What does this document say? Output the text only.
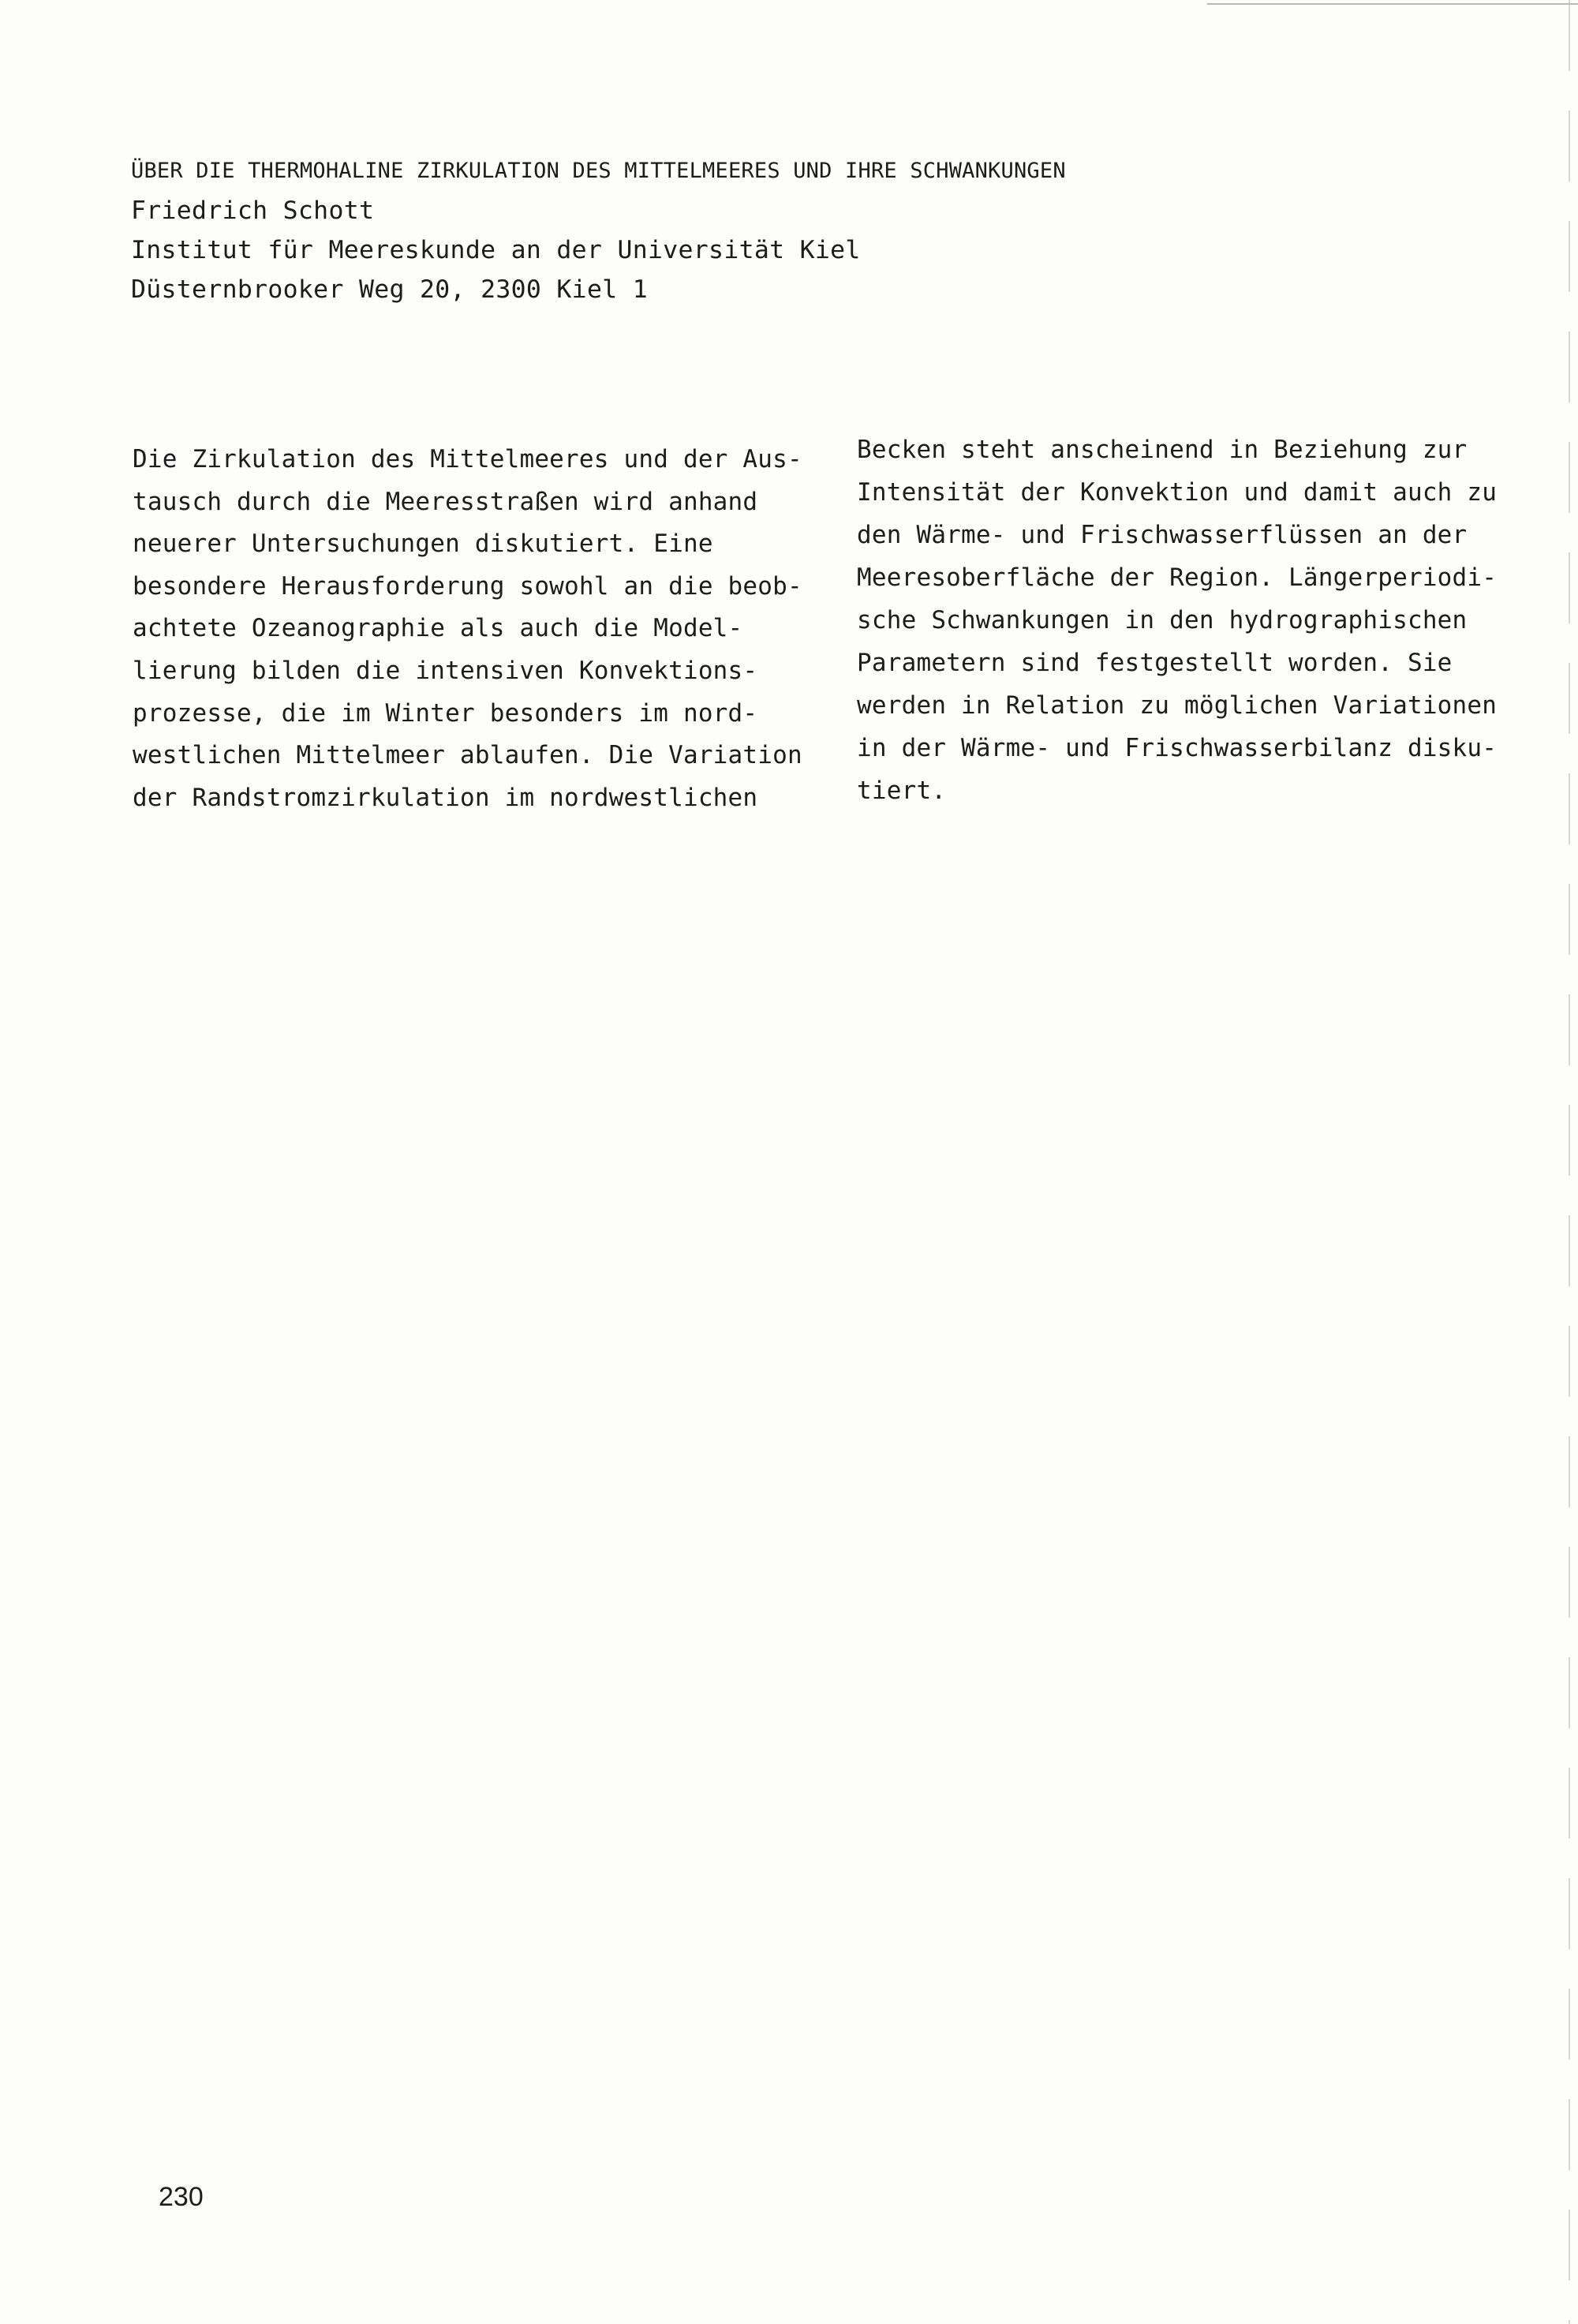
ÜBER DIE THERMOHALINE ZIRKULATION DES MITTELMEERES UND IHRE SCHWANKUNGEN
Friedrich Schott
Institut für Meereskunde an der Universität Kiel
Düsternbrooker Weg 20, 2300 Kiel 1
Die Zirkulation des Mittelmeeres und der Aus-
tausch durch die Meeresstraßen wird anhand
neuerer Untersuchungen diskutiert. Eine
besondere Herausforderung sowohl an die beob-
achtete Ozeanographie als auch die Model-
lierung bilden die intensiven Konvektions-
prozesse, die im Winter besonders im nord-
westlichen Mittelmeer ablaufen. Die Variation
der Randstromzirkulation im nordwestlichen
Becken steht anscheinend in Beziehung zur
Intensität der Konvektion und damit auch zu
den Wärme- und Frischwasserflüssen an der
Meeresoberfläche der Region. Längerperiodi-
sche Schwankungen in den hydrographischen
Parametern sind festgestellt worden. Sie
werden in Relation zu möglichen Variationen
in der Wärme- und Frischwasserbilanz disku-
tiert.
230
